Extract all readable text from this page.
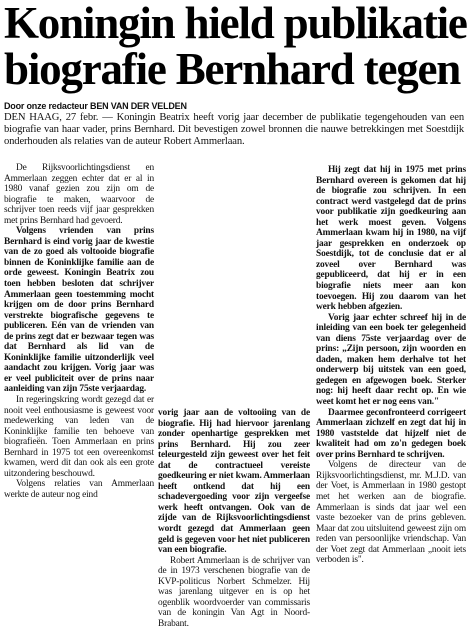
Koningin hield publikatie
biografie Bernhard tegen
Door onze redacteur BEN VAN DER VELDEN
DEN HAAG, 27 febr. — Koningin Beatrix heeft vorig jaar december de publikatie tegengehouden van een biografie van haar vader, prins Bernhard. Dit bevestigen zowel bronnen die nauwe betrekkingen met Soestdijk onderhouden als relaties van de auteur Robert Ammerlaan.

De Rijksvoorlichtingsdienst en Ammerlaan zeggen echter dat er al in 1980 vanaf gezien zou zijn om de biografie te maken, waarvoor de schrijver toen reeds vijf jaar gesprekken met prins Bernhard had gevoerd.

Volgens vrienden van prins Bernhard is eind vorig jaar de kwestie van de zo goed als voltooide biografie binnen de Koninklijke familie aan de orde geweest. Koningin Beatrix zou toen hebben besloten dat schrijver Ammerlaan geen toestemming mocht krijgen om de door prins Bernhard verstrekte biografische gegevens te publiceren. Eén van de vrienden van de prins zegt dat er bezwaar tegen was dat Bernhard als lid van de Koninklijke familie uitzonderlijk veel aandacht zou krijgen. Vorig jaar was er veel publiciteit over de prins naar aanleiding van zijn 75ste verjaardag.

In regeringskring wordt gezegd dat er nooit veel enthousiasme is geweest voor medewerking van leden van de Koninklijke familie ten behoeve van biografieën. Toen Ammerlaan en prins Bernhard in 1975 tot een overeenkomst kwamen, werd dit dan ook als een grote uitzondering beschouwd.

Volgens relaties van Ammerlaan werkte de auteur nog eind

vorig jaar aan de voltooiing van de biografie. Hij had hiervoor jarenlang zonder openhartige gesprekken met prins Bernhard. Hij zou zeer teleurgesteld zijn geweest over het feit dat de contractueel vereiste goedkeuring er niet kwam. Ammerlaan heeft ontkend dat hij een schadevergoeding voor zijn vergeefse werk heeft ontvangen. Ook van de zijde van de Rijksvoorlichtingsdienst wordt gezegd dat Ammerlaan geen geld is gegeven voor het niet publiceren van een biografie.

Robert Ammerlaan is de schrijver van de in 1973 verschenen biografie van de KVP-politicus Norbert Schmelzer. Hij was jarenlang uitgever en is op het ogenblik woordvoerder van commissaris van de koningin Van Agt in Noord-Brabant.

Hij zegt dat hij in 1975 met prins Bernhard overeen is gekomen dat hij de biografie zou schrijven. In een contract werd vastgelegd dat de prins voor publikatie zijn goedkeuring aan het werk moest geven. Volgens Ammerlaan kwam hij in 1980, na vijf jaar gesprekken en onderzoek op Soestdijk, tot de conclusie dat er al zoveel over Bernhard was gepubliceerd, dat hij er in een biografie niets meer aan kon toevoegen. Hij zou daarom van het werk hebben afgezien.

Vorig jaar echter schreef hij in de inleiding van een boek ter gelegenheid van diens 75ste verjaardag over de prins: „Zijn persoon, zijn woorden en daden, maken hem derhalve tot het onderwerp bij uitstek van een goed, gedegen en afgewogen boek. Sterker nog: hij heeft daar recht op. En wie weet komt het er nog eens van."

Daarmee geconfronteerd corrigeert Ammerlaan zichzelf en zegt dat hij in 1980 vaststelde dat hijzelf niet de kwaliteit had om zo'n gedegen boek over prins Bernhard te schrijven.

Volgens de directeur van de Rijksvoorlichtingsdienst, mr. M.J.D. van der Voet, is Ammerlaan in 1980 gestopt met het werken aan de biografie. Ammerlaan is sinds dat jaar wel een vaste bezoeker van de prins gebleven. Maar dat zou uitsluitend geweest zijn om reden van persoonlijke vriendschap. Van der Voet zegt dat Ammerlaan „nooit iets verboden is".
